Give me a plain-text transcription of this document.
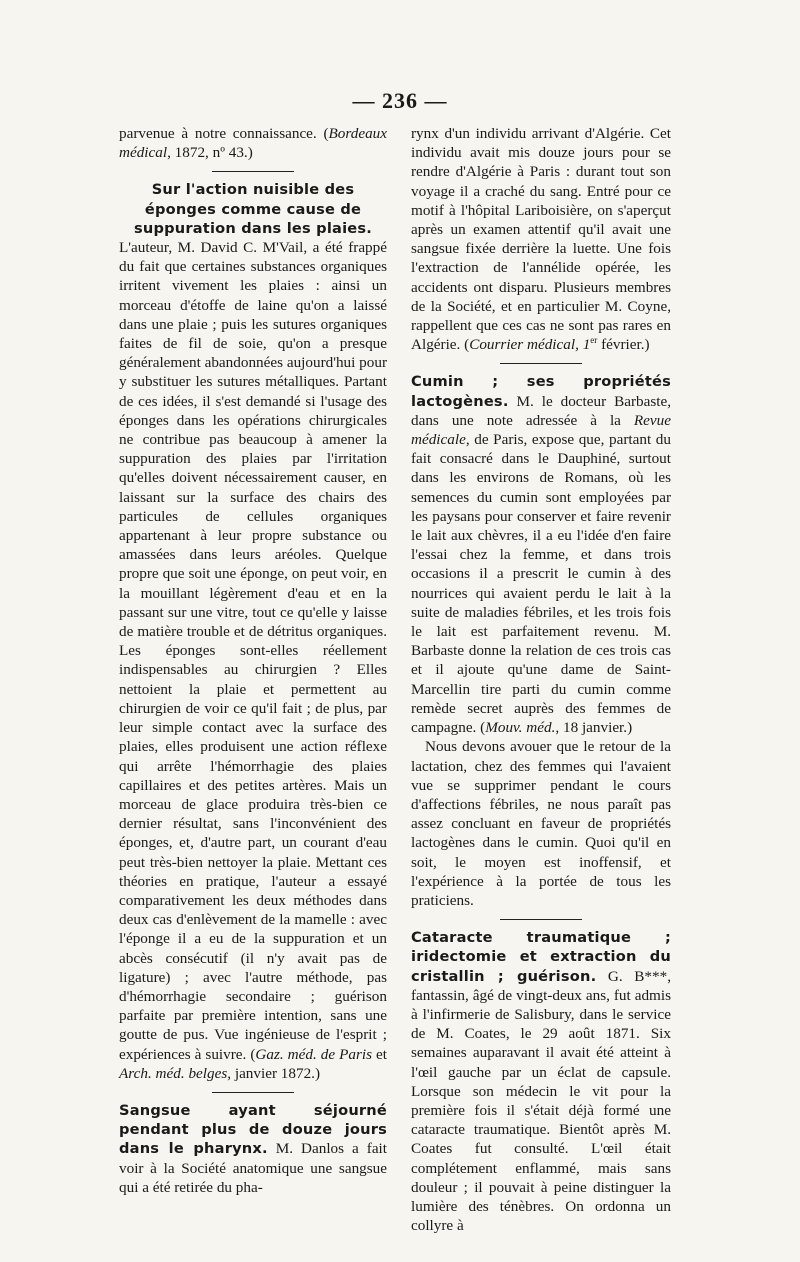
— 236 —

parvenue à notre connaissance. (Bordeaux médical, 1872, nº 43.)

Sur l'action nuisible des éponges comme cause de suppuration dans les plaies.

L'auteur, M. David C. M'Vail, a été frappé du fait que certaines substances organiques irritent vivement les plaies : ainsi un morceau d'étoffe de laine qu'on a laissé dans une plaie ; puis les sutures organiques faites de fil de soie, qu'on a presque généralement abandonnées aujourd'hui pour y substituer les sutures métalliques. Partant de ces idées, il s'est demandé si l'usage des éponges dans les opérations chirurgicales ne contribue pas beaucoup à amener la suppuration des plaies par l'irritation qu'elles doivent nécessairement causer, en laissant sur la surface des chairs des particules de cellules organiques appartenant à leur propre substance ou amassées dans leurs aréoles. Quelque propre que soit une éponge, on peut voir, en la mouillant légèrement d'eau et en la passant sur une vitre, tout ce qu'elle y laisse de matière trouble et de détritus organiques. Les éponges sont-elles réellement indispensables au chirurgien ? Elles nettoient la plaie et permettent au chirurgien de voir ce qu'il fait ; de plus, par leur simple contact avec la surface des plaies, elles produisent une action réflexe qui arrête l'hémorrhagie des plaies capillaires et des petites artères. Mais un morceau de glace produira très-bien ce dernier résultat, sans l'inconvénient des éponges, et, d'autre part, un courant d'eau peut très-bien nettoyer la plaie. Mettant ces théories en pratique, l'auteur a essayé comparativement les deux méthodes dans deux cas d'enlèvement de la mamelle : avec l'éponge il a eu de la suppuration et un abcès consécutif (il n'y avait pas de ligature) ; avec l'autre méthode, pas d'hémorrhagie secondaire ; guérison parfaite par première intention, sans une goutte de pus. Vue ingénieuse de l'esprit ; expériences à suivre. (Gaz. méd. de Paris et Arch. méd. belges, janvier 1872.)

Sangsue ayant séjourné pendant plus de douze jours dans le pharynx. M. Danlos a fait voir à la Société anatomique une sangsue qui a été retirée du pha-

rynx d'un individu arrivant d'Algérie. Cet individu avait mis douze jours pour se rendre d'Algérie à Paris : durant tout son voyage il a craché du sang. Entré pour ce motif à l'hôpital Lariboisière, on s'aperçut après un examen attentif qu'il avait une sangsue fixée derrière la luette. Une fois l'extraction de l'annélide opérée, les accidents ont disparu. Plusieurs membres de la Société, et en particulier M. Coyne, rappellent que ces cas ne sont pas rares en Algérie. (Courrier médical, 1er février.)

Cumin ; ses propriétés lactogènes. M. le docteur Barbaste, dans une note adressée à la Revue médicale, de Paris, expose que, partant du fait consacré dans le Dauphiné, surtout dans les environs de Romans, où les semences du cumin sont employées par les paysans pour conserver et faire revenir le lait aux chèvres, il a eu l'idée d'en faire l'essai chez la femme, et dans trois occasions il a prescrit le cumin à des nourrices qui avaient perdu le lait à la suite de maladies fébriles, et les trois fois le lait est parfaitement revenu. M. Barbaste donne la relation de ces trois cas et il ajoute qu'une dame de Saint-Marcellin tire parti du cumin comme remède secret auprès des femmes de campagne. (Mouv. méd., 18 janvier.)

Nous devons avouer que le retour de la lactation, chez des femmes qui l'avaient vue se supprimer pendant le cours d'affections fébriles, ne nous paraît pas assez concluant en faveur de propriétés lactogènes dans le cumin. Quoi qu'il en soit, le moyen est inoffensif, et l'expérience à la portée de tous les praticiens.

Cataracte traumatique ; iridectomie et extraction du cristallin ; guérison. G. B***, fantassin, âgé de vingt-deux ans, fut admis à l'infirmerie de Salisbury, dans le service de M. Coates, le 29 août 1871. Six semaines auparavant il avait été atteint à l'œil gauche par un éclat de capsule. Lorsque son médecin le vit pour la première fois il s'était déjà formé une cataracte traumatique. Bientôt après M. Coates fut consulté. L'œil était complétement enflammé, mais sans douleur ; il pouvait à peine distinguer la lumière des ténèbres. On ordonna un collyre à
